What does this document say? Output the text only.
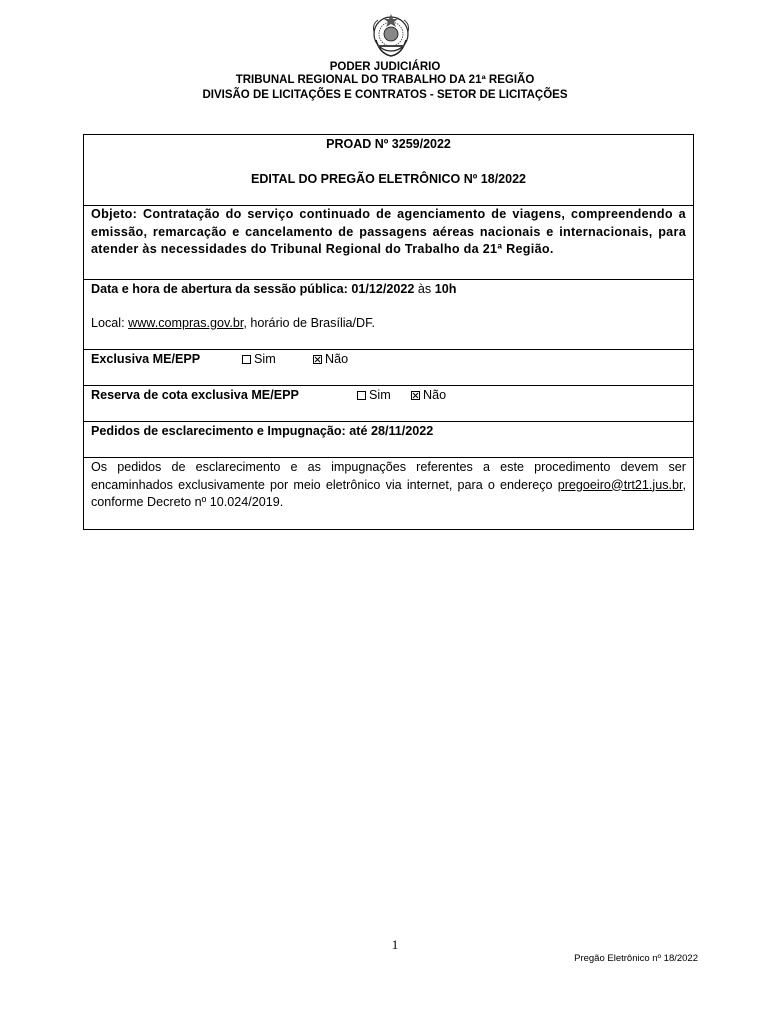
PODER JUDICIÁRIO
TRIBUNAL REGIONAL DO TRABALHO DA 21ª REGIÃO
DIVISÃO DE LICITAÇÕES E CONTRATOS - SETOR DE LICITAÇÕES
PROAD Nº 3259/2022
EDITAL DO PREGÃO ELETRÔNICO Nº 18/2022
Objeto: Contratação do serviço continuado de agenciamento de viagens, compreendendo a emissão, remarcação e cancelamento de passagens aéreas nacionais e internacionais, para atender às necessidades do Tribunal Regional do Trabalho da 21ª Região.
Data e hora de abertura da sessão pública: 01/12/2022 às 10h
Local: www.compras.gov.br, horário de Brasília/DF.
Exclusiva ME/EPP	Sim	Não
Reserva de cota exclusiva ME/EPP	Sim	Não
Pedidos de esclarecimento e Impugnação: até 28/11/2022
Os pedidos de esclarecimento e as impugnações referentes a este procedimento devem ser encaminhados exclusivamente por meio eletrônico via internet, para o endereço pregoeiro@trt21.jus.br, conforme Decreto nº 10.024/2019.
1
Pregão Eletrônico nº 18/2022
